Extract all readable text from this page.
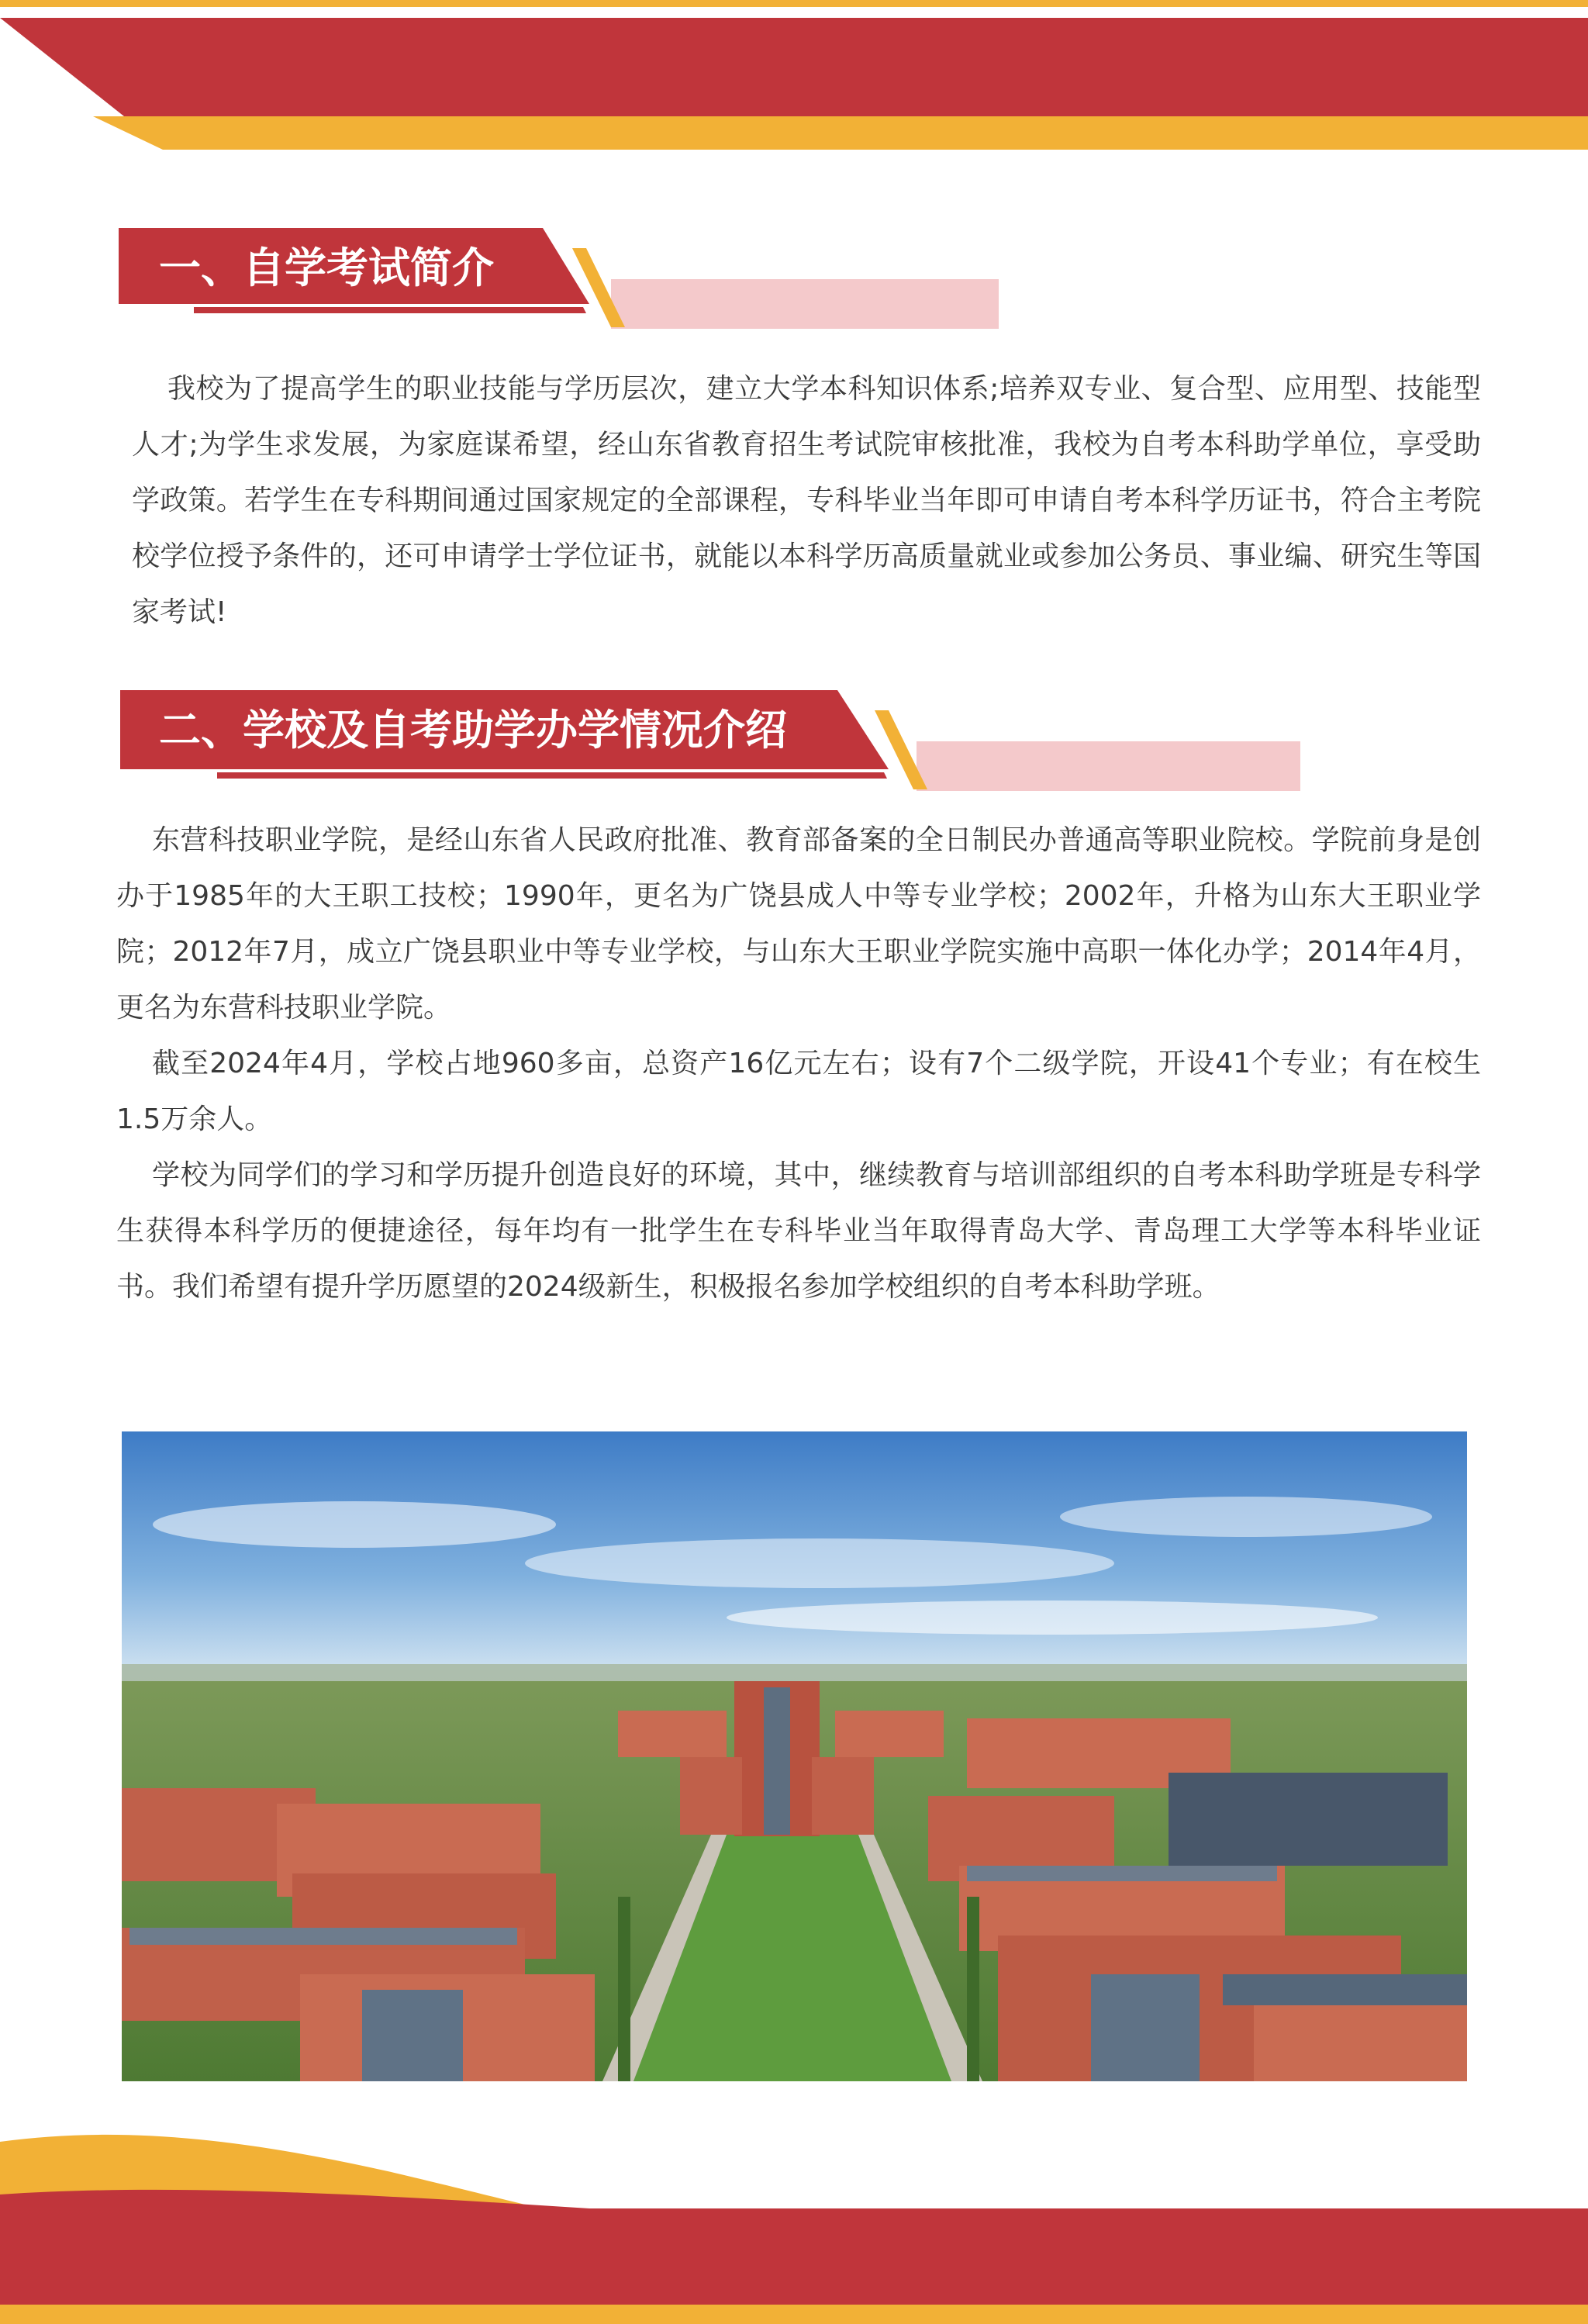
一、自学考试简介

我校为了提高学生的职业技能与学历层次，建立大学本科知识体系;培养双专业、复合型、应用型、技能型人才;为学生求发展，为家庭谋希望，经山东省教育招生考试院审核批准，我校为自考本科助学单位，享受助学政策。若学生在专科期间通过国家规定的全部课程，专科毕业当年即可申请自考本科学历证书，符合主考院校学位授予条件的，还可申请学士学位证书，就能以本科学历高质量就业或参加公务员、事业编、研究生等国家考试!

二、学校及自考助学办学情况介绍

东营科技职业学院，是经山东省人民政府批准、教育部备案的全日制民办普通高等职业院校。学院前身是创办于1985年的大王职工技校；1990年，更名为广饶县成人中等专业学校；2002年，升格为山东大王职业学院；2012年7月，成立广饶县职业中等专业学校，与山东大王职业学院实施中高职一体化办学；2014年4月，更名为东营科技职业学院。

截至2024年4月，学校占地960多亩，总资产16亿元左右；设有7个二级学院，开设41个专业；有在校生1.5万余人。

学校为同学们的学习和学历提升创造良好的环境，其中，继续教育与培训部组织的自考本科助学班是专科学生获得本科学历的便捷途径，每年均有一批学生在专科毕业当年取得青岛大学、青岛理工大学等本科毕业证书。我们希望有提升学历愿望的2024级新生，积极报名参加学校组织的自考本科助学班。
